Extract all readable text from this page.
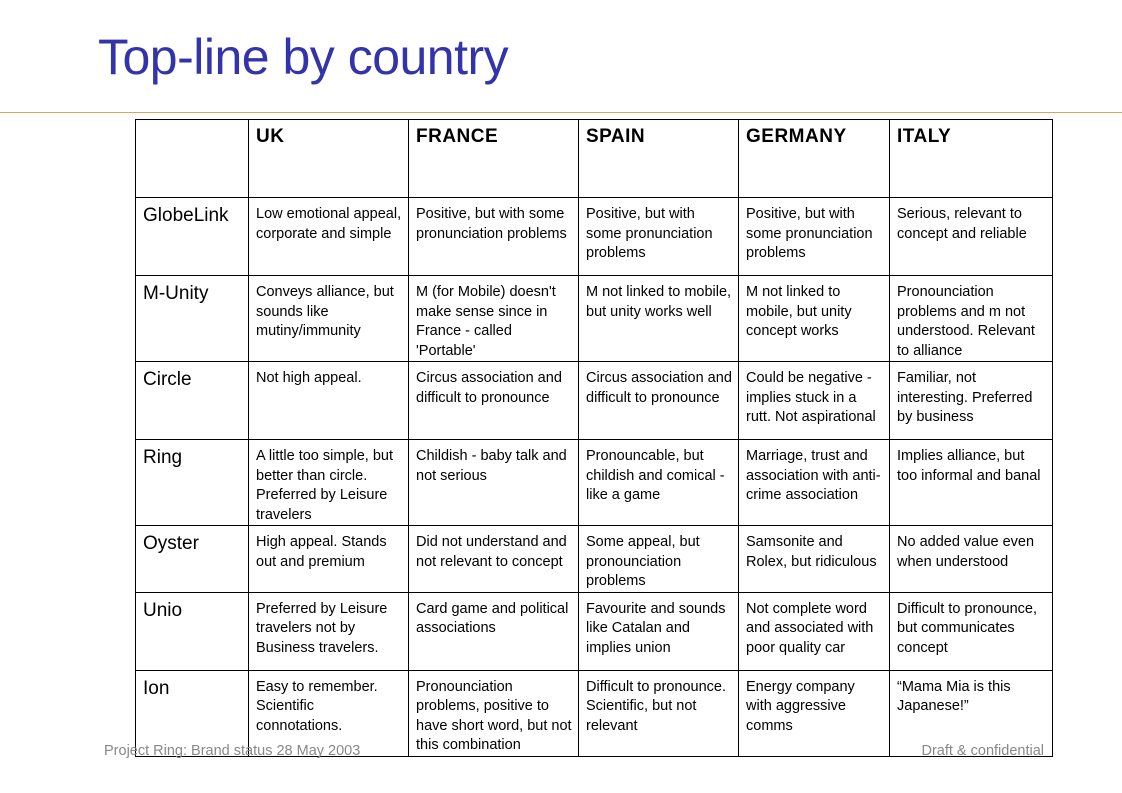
Top-line by country
	UK	FRANCE	SPAIN	GERMANY	ITALY
GlobeLink	Low emotional appeal, corporate and simple	Positive, but with some pronunciation problems	Positive, but with some pronunciation problems	Positive, but with some pronunciation problems	Serious, relevant to concept and reliable
M-Unity	Conveys alliance, but sounds like mutiny/immunity	M (for Mobile) doesn't make sense since in France - called 'Portable'	M not linked to mobile, but unity works well	M not linked to mobile, but unity concept works	Pronounciation problems and m not understood. Relevant to alliance
Circle	Not high appeal.	Circus association and difficult to pronounce	Circus association and difficult to pronounce	Could be negative - implies stuck in a rutt. Not aspirational	Familiar, not interesting. Preferred by business
Ring	A little too simple, but better than circle. Preferred by Leisure travelers	Childish - baby talk and not serious	Pronouncable, but childish and comical - like a game	Marriage, trust and association with anti-crime association	Implies alliance, but too informal and banal
Oyster	High appeal. Stands out and premium	Did not understand and not relevant to concept	Some appeal, but pronounciation problems	Samsonite and Rolex, but ridiculous	No added value even when understood
Unio	Preferred by Leisure travelers not by Business travelers.	Card game and political associations	Favourite and sounds like Catalan and implies union	Not complete word and associated with poor quality car	Difficult to pronounce, but communicates concept
Ion	Easy to remember. Scientific connotations.	Pronounciation problems, positive to have short word, but not this combination	Difficult to pronounce. Scientific, but not relevant	Energy company with aggressive comms	“Mama Mia is this Japanese!”
Project Ring: Brand status 28 May 2003	Draft & confidential
